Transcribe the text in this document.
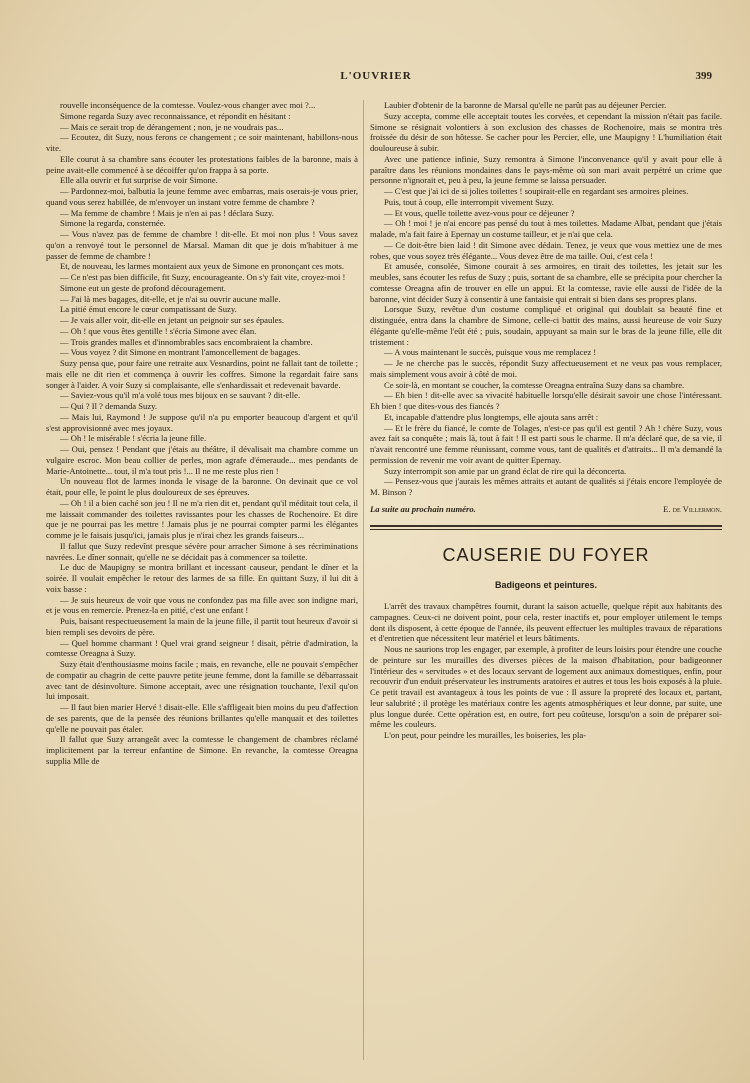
L'OUVRIER	399

rouvelle inconséquence de la comtesse. Voulez-vous changer avec moi ?...

Simone regarda Suzy avec reconnaissance, et répondit en hésitant :

— Mais ce serait trop de dérangement ; non, je ne voudrais pas...

— Ecoutez, dit Suzy, nous ferons ce changement ; ce soir maintenant, habillons-nous vite.

Elle courut à sa chambre sans écouter les protestations faibles de la baronne, mais à peine avait-elle commencé à se décoiffer qu'on frappa à sa porte.

Elle alla ouvrir et fut surprise de voir Simone.

— Pardonnez-moi, balbutia la jeune femme avec embarras, mais oserais-je vous prier, quand vous serez habillée, de m'envoyer un instant votre femme de chambre ?

— Ma femme de chambre ! Mais je n'en ai pas ! déclara Suzy.

Simone la regarda, consternée.

— Vous n'avez pas de femme de chambre ! dit-elle. Et moi non plus ! Vous savez qu'on a renvoyé tout le personnel de Marsal. Maman dit que je dois m'habituer à me passer de femme de chambre !

Et, de nouveau, les larmes montaient aux yeux de Simone en prononçant ces mots.

— Ce n'est pas bien difficile, fit Suzy, encourageante. On s'y fait vite, croyez-moi !

Simone eut un geste de profond découragement.

— J'ai là mes bagages, dit-elle, et je n'ai su ouvrir aucune malle.

La pitié émut encore le cœur compatissant de Suzy.

— Je vais aller voir, dit-elle en jetant un peignoir sur ses épaules.

— Oh ! que vous êtes gentille ! s'écria Simone avec élan.

— Trois grandes malles et d'innombrables sacs encombraient la chambre.

— Vous voyez ? dit Simone en montrant l'amoncellement de bagages.

Suzy pensa que, pour faire une retraite aux Vesnardins, point ne fallait tant de toilette ; mais elle ne dit rien et commença à ouvrir les coffres. Simone la regardait faire sans songer à l'aider. A voir Suzy si complaisante, elle s'enhardissait et redevenait bavarde.

— Saviez-vous qu'il m'a volé tous mes bijoux en se sauvant ? dit-elle.

— Qui ? Il ? demanda Suzy.

— Mais lui, Raymond ! Je suppose qu'il n'a pu emporter beaucoup d'argent et qu'il s'est approvisionné avec mes joyaux.

— Oh ! le misérable ! s'écria la jeune fille.

— Oui, pensez ! Pendant que j'étais au théâtre, il dévalisait ma chambre comme un vulgaire escroc. Mon beau collier de perles, mon agrafe d'émeraude... mes pendants de Marie-Antoinette... tout, il m'a tout pris !... Il ne me reste plus rien !

Un nouveau flot de larmes inonda le visage de la baronne. On devinait que ce vol était, pour elle, le point le plus douloureux de ses épreuves.

— Oh ! il a bien caché son jeu ! Il ne m'a rien dit et, pendant qu'il méditait tout cela, il me laissait commander des toilettes ravissantes pour les chasses de Rochenoire. Et dire que je ne pourrai pas les mettre ! Jamais plus je ne pourrai compter parmi les élégantes comme je le faisais jusqu'ici, jamais plus je n'irai chez les grands faiseurs...

Il fallut que Suzy redevînt presque sévère pour arracher Simone à ses récriminations navrées. Le dîner sonnait, qu'elle ne se décidait pas à commencer sa toilette.

Le duc de Maupigny se montra brillant et incessant causeur, pendant le dîner et la soirée. Il voulait empêcher le retour des larmes de sa fille. En quittant Suzy, il lui dit à voix basse :

— Je suis heureux de voir que vous ne confondez pas ma fille avec son indigne mari, et je vous en remercie. Prenez-la en pitié, c'est une enfant !

Puis, baisant respectueusement la main de la jeune fille, il partit tout heureux d'avoir si bien rempli ses devoirs de père.

— Quel homme charmant ! Quel vrai grand seigneur ! disait, pétrie d'admiration, la comtesse Oreagna à Suzy.

Suzy était d'enthousiasme moins facile ; mais, en revanche, elle ne pouvait s'empêcher de compatir au chagrin de cette pauvre petite jeune femme, dont la famille se débarrassait avec tant de désinvolture. Simone acceptait, avec une résignation touchante, l'exil qu'on lui imposait.

— Il faut bien marier Hervé ! disait-elle. Elle s'affligeait bien moins du peu d'affection de ses parents, que de la pensée des réunions brillantes qu'elle manquait et des toilettes qu'elle ne pouvait pas étaler.

Il fallut que Suzy arrangeât avec la comtesse le changement de chambres réclamé implicitement par la terreur enfantine de Simone. En revanche, la comtesse Oreagna supplia Mlle de

Laubier d'obtenir de la baronne de Marsal qu'elle ne parût pas au déjeuner Percier.

Suzy accepta, comme elle acceptait toutes les corvées, et cependant la mission n'était pas facile. Simone se résignait volontiers à son exclusion des chasses de Rochenoire, mais se montra très froissée du désir de son hôtesse. Se cacher pour les Percier, elle, une Maupigny ! L'humiliation était douloureuse à subir.

Avec une patience infinie, Suzy remontra à Simone l'inconvenance qu'il y avait pour elle à paraître dans les réunions mondaines dans le pays-même où son mari avait perpétré un crime que personne n'ignorait et, peu à peu, la jeune femme se laissa persuader.

— C'est que j'ai ici de si jolies toilettes ! soupirait-elle en regardant ses armoires pleines.

Puis, tout à coup, elle interrompit vivement Suzy.

— Et vous, quelle toilette avez-vous pour ce déjeuner ?

— Oh ! moi ! je n'ai encore pas pensé du tout à mes toilettes. Madame Albat, pendant que j'étais malade, m'a fait faire à Epernay un costume tailleur, et je n'ai que cela.

— Ce doit-être bien laid ! dit Simone avec dédain. Tenez, je veux que vous mettiez une de mes robes, que vous soyez très élégante... Vous devez être de ma taille. Oui, c'est cela !

Et amusée, consolée, Simone courait à ses armoires, en tirait des toilettes, les jetait sur les meubles, sans écouter les refus de Suzy ; puis, sortant de sa chambre, elle se précipita pour chercher la comtesse Oreagna afin de trouver en elle un appui. Et la comtesse, ravie elle aussi de l'idée de la baronne, vint décider Suzy à consentir à une fantaisie qui entrait si bien dans ses propres plans.

Lorsque Suzy, revêtue d'un costume compliqué et original qui doublait sa beauté fine et distinguée, entra dans la chambre de Simone, celle-ci battit des mains, aussi heureuse de voir Suzy élégante qu'elle-même l'eût été ; puis, soudain, appuyant sa main sur le bras de la jeune fille, elle dit tristement :

— A vous maintenant le succès, puisque vous me remplacez !

— Je ne cherche pas le succès, répondit Suzy affectueusement et ne veux pas vous remplacer, mais simplement vous avoir à côté de moi.

Ce soir-là, en montant se coucher, la comtesse Oreagna entraîna Suzy dans sa chambre.

— Eh bien ! dit-elle avec sa vivacité habituelle lorsqu'elle désirait savoir une chose l'intéressant. Eh bien ! que dites-vous des fiancés ?

Et, incapable d'attendre plus longtemps, elle ajouta sans arrêt :

— Et le frère du fiancé, le comte de Tolages, n'est-ce pas qu'il est gentil ? Ah ! chère Suzy, vous avez fait sa conquête ; mais là, tout à fait ! Il est parti sous le charme. Il m'a déclaré que, de sa vie, il n'avait rencontré une femme réunissant, comme vous, tant de qualités et d'attraits... Il m'a demandé la permission de revenir me voir avant de quitter Epernay.

Suzy interrompit son amie par un grand éclat de rire qui la déconcerta.

— Pensez-vous que j'aurais les mêmes attraits et autant de qualités si j'étais encore l'employée de M. Binson ?

La suite au prochain numéro.	E. de Villermon.
CAUSERIE DU FOYER
Badigeons et peintures.

L'arrêt des travaux champêtres fournit, durant la saison actuelle, quelque répit aux habitants des campagnes. Ceux-ci ne doivent point, pour cela, rester inactifs et, pour employer utilement le temps dont ils disposent, à cette époque de l'année, ils peuvent effectuer les multiples travaux de réparations et d'entretien que nécessitent leur matériel et leurs bâtiments.

Nous ne saurions trop les engager, par exemple, à profiter de leurs loisirs pour étendre une couche de peinture sur les murailles des diverses pièces de la maison d'habitation, pour badigeonner l'intérieur des « servitudes » et des locaux servant de logement aux animaux domestiques, enfin, pour recouvrir d'un enduit préservateur les instruments aratoires et autres et tous les bois exposés à la pluie. Ce petit travail est avantageux à tous les points de vue : Il assure la propreté des locaux et, partant, leur salubrité ; il protège les matériaux contre les agents atmosphériques et leur donne, par suite, une plus longue durée. Cette opération est, en outre, fort peu coûteuse, lorsqu'on a soin de préparer soi-même les couleurs.

L'on peut, pour peindre les murailles, les boiseries, les pla-
